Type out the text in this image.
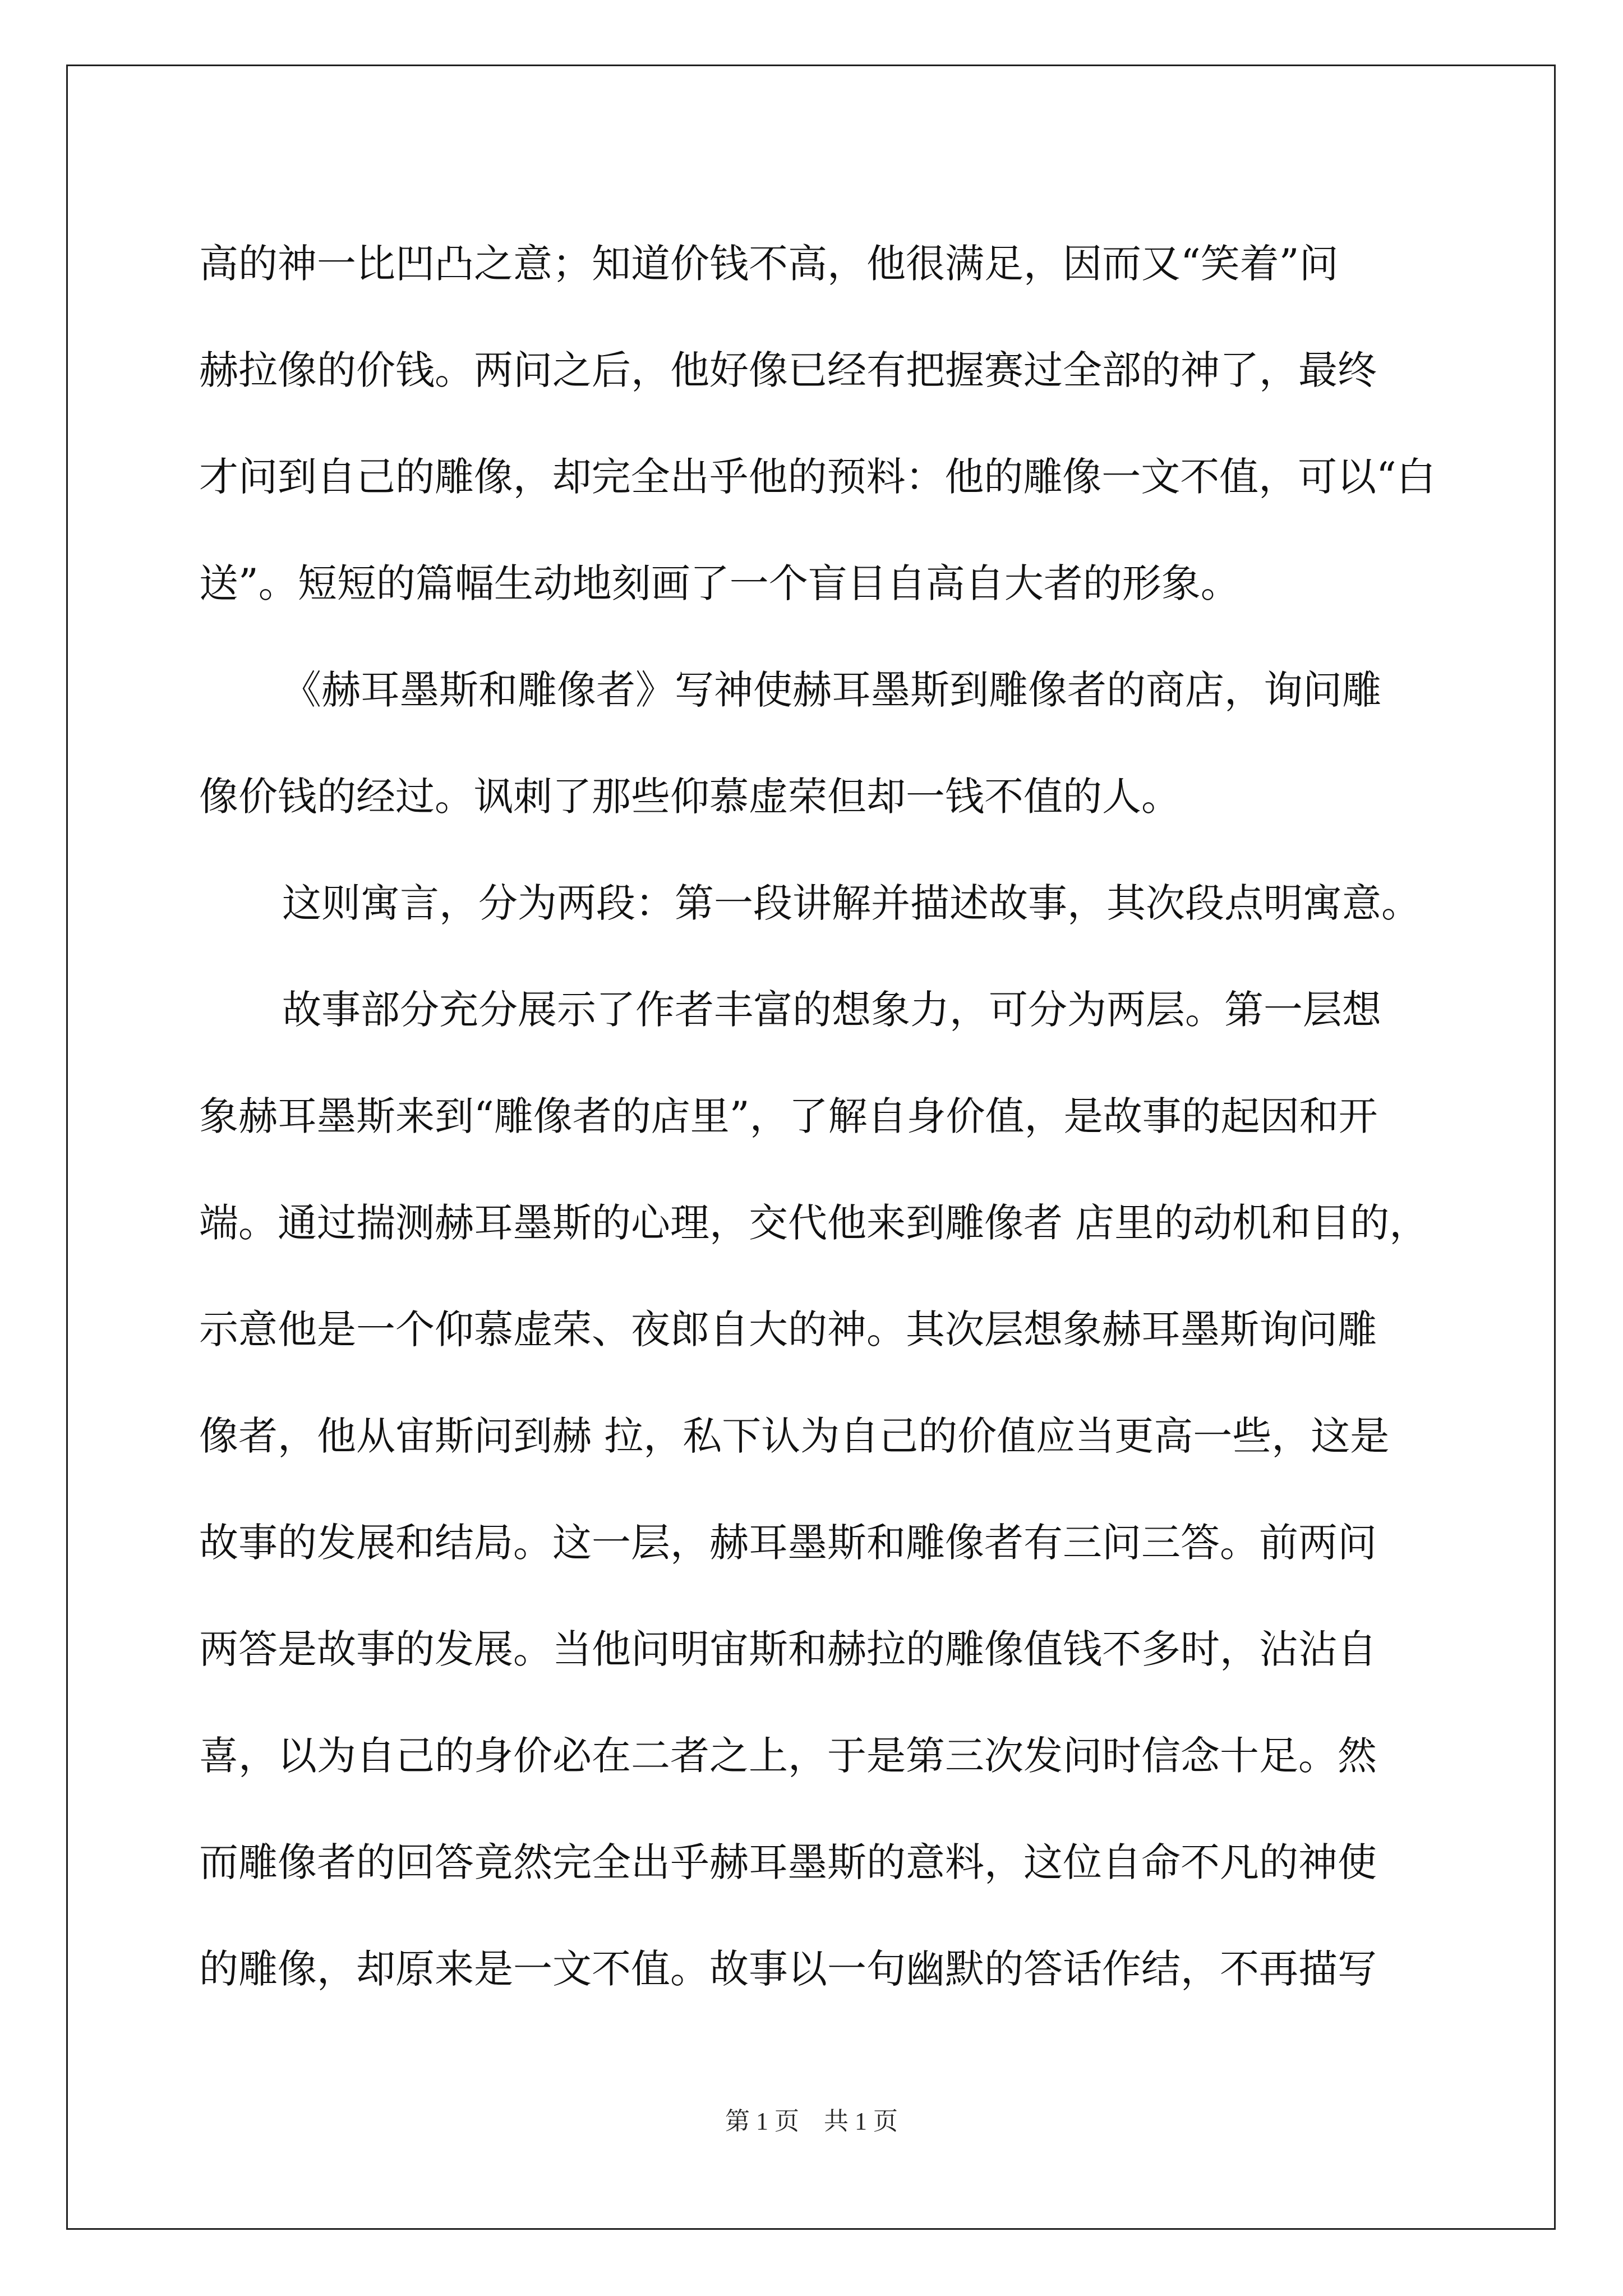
高的神一比凹凸之意；知道价钱不高，他很满足，因而又“笑着”问
赫拉像的价钱。两问之后，他好像已经有把握赛过全部的神了，最终
才问到自己的雕像，却完全出乎他的预料：他的雕像一文不值，可以“白
送”。短短的篇幅生动地刻画了一个盲目自高自大者的形象。
《赫耳墨斯和雕像者》写神使赫耳墨斯到雕像者的商店，询问雕
像价钱的经过。讽刺了那些仰慕虚荣但却一钱不值的人。
这则寓言，分为两段：第一段讲解并描述故事，其次段点明寓意。
故事部分充分展示了作者丰富的想象力，可分为两层。第一层想
象赫耳墨斯来到“雕像者的店里”，了解自身价值，是故事的起因和开
端。通过揣测赫耳墨斯的心理，交代他来到雕像者 店里的动机和目的，
示意他是一个仰慕虚荣、夜郎自大的神。其次层想象赫耳墨斯询问雕
像者，他从宙斯问到赫 拉，私下认为自己的价值应当更高一些，这是
故事的发展和结局。这一层，赫耳墨斯和雕像者有三问三答。前两问
两答是故事的发展。当他问明宙斯和赫拉的雕像值钱不多时，沾沾自
喜，以为自己的身价必在二者之上，于是第三次发问时信念十足。然
而雕像者的回答竟然完全出乎赫耳墨斯的意料，这位自命不凡的神使
的雕像，却原来是一文不值。故事以一句幽默的答话作结，不再描写
第 1 页    共 1 页
